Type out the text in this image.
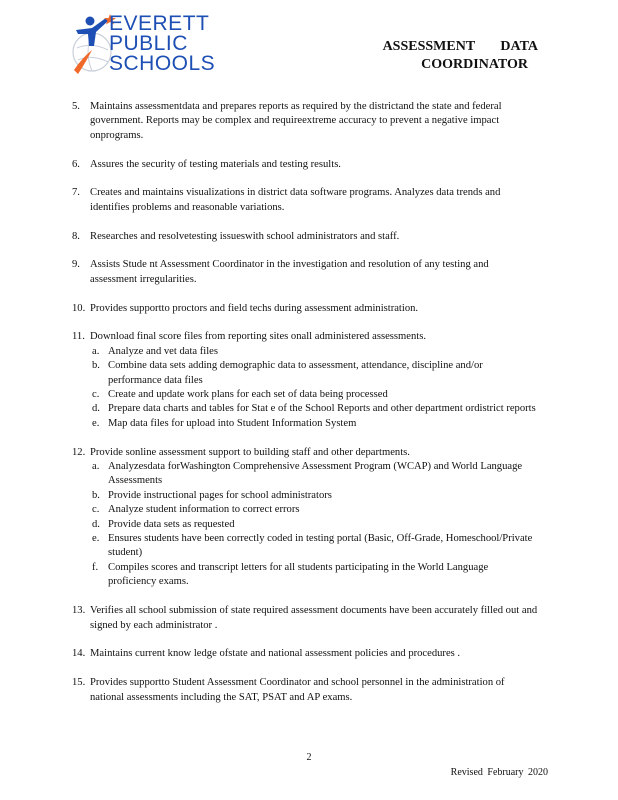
EVERETT
PUBLIC
SCHOOLS
ASSESSMENT DATA
COORDINATOR
5. Maintains assessmentdata and prepares reports as required by the districtand the state and federal government. Reports may be complex and requireextreme accuracy to prevent a negative impact onprograms.
6. Assures the security of testing materials and testing results.
7. Creates and maintains visualizations in district data software programs. Analyzes data trends and identifies problems and reasonable variations.
8. Researches and resolvetesting issueswith school administrators and staff.
9. Assists Stude nt Assessment Coordinator in the investigation and resolution of any testing and assessment irregularities.
10. Provides supportto proctors and field techs during assessment administration.
11. Download final score files from reporting sites onall administered assessments.
a. Analyze and vet data files
b. Combine data sets adding demographic data to assessment, attendance, discipline and/or performance data files
c. Create and update work plans for each set of data being processed
d. Prepare data charts and tables for Stat e of the School Reports and other department ordistrict reports
e. Map data files for upload into Student Information System
12. Provide sonline assessment support to building staff and other departments.
a. Analyzesdata forWashington Comprehensive Assessment Program (WCAP) and World Language Assessments
b. Provide instructional pages for school administrators
c. Analyze student information to correct errors
d. Provide data sets as requested
e. Ensures students have been correctly coded in testing portal (Basic, Off-Grade, Homeschool/Private student)
f. Compiles scores and transcript letters for all students participating in the World Language proficiency exams.
13. Verifies all school submission of state required assessment documents have been accurately filled out and signed by each administrator .
14. Maintains current know ledge ofstate and national assessment policies and procedures .
15. Provides supportto Student Assessment Coordinator and school personnel in the administration of national assessments including the SAT, PSAT and AP exams.
2
Revised February 2020
